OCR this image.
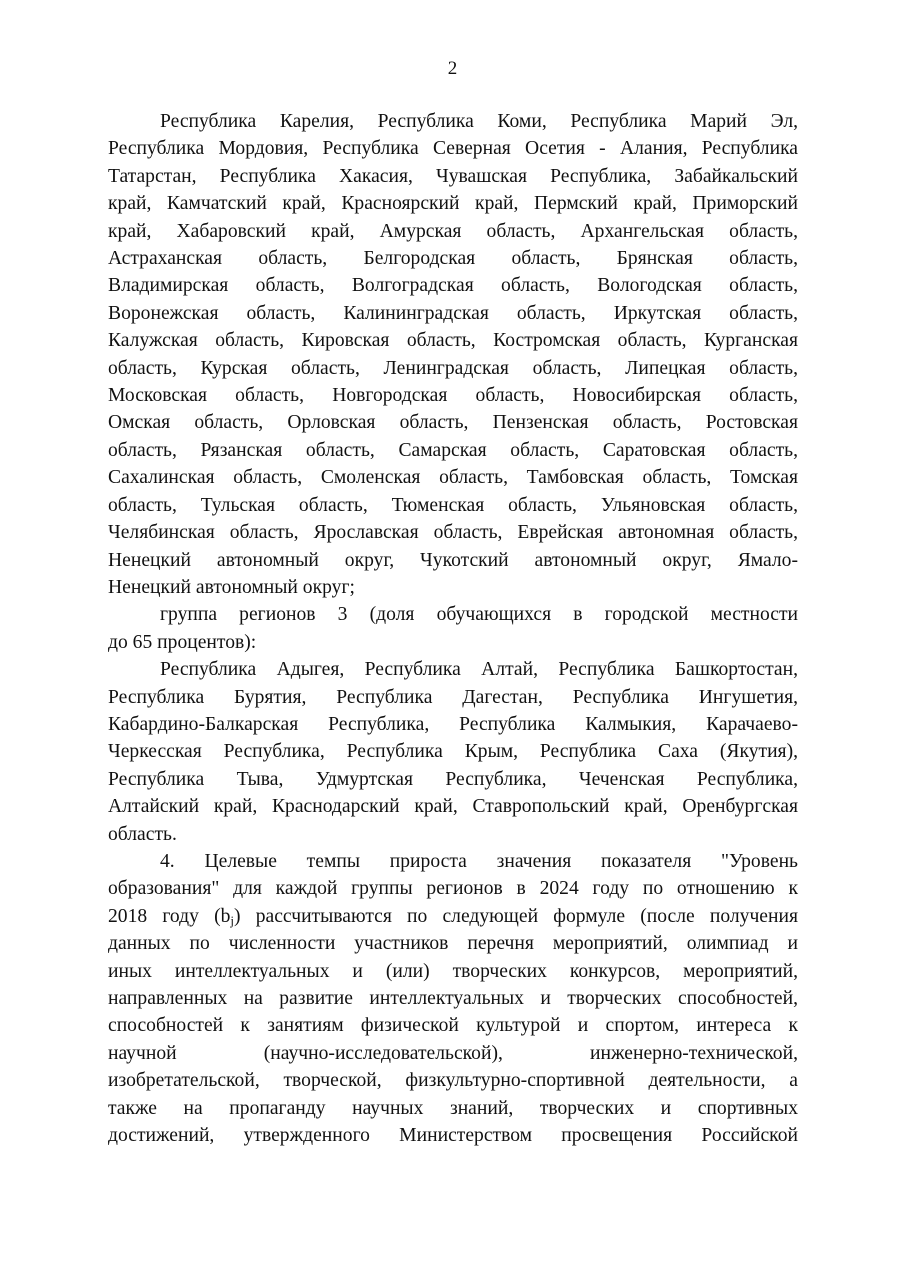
2
Республика Карелия, Республика Коми, Республика Марий Эл,
Республика Мордовия, Республика Северная Осетия - Алания, Республика
Татарстан, Республика Хакасия, Чувашская Республика, Забайкальский
край, Камчатский край, Красноярский край, Пермский край, Приморский
край, Хабаровский край, Амурская область, Архангельская область,
Астраханская область, Белгородская область, Брянская область,
Владимирская область, Волгоградская область, Вологодская область,
Воронежская область, Калининградская область, Иркутская область,
Калужская область, Кировская область, Костромская область, Курганская
область, Курская область, Ленинградская область, Липецкая область,
Московская область, Новгородская область, Новосибирская область,
Омская область, Орловская область, Пензенская область, Ростовская
область, Рязанская область, Самарская область, Саратовская область,
Сахалинская область, Смоленская область, Тамбовская область, Томская
область, Тульская область, Тюменская область, Ульяновская область,
Челябинская область, Ярославская область, Еврейская автономная область,
Ненецкий автономный округ, Чукотский автономный округ, Ямало-
Ненецкий автономный округ;
группа регионов 3 (доля обучающихся в городской местности
до 65 процентов):
Республика Адыгея, Республика Алтай, Республика Башкортостан,
Республика Бурятия, Республика Дагестан, Республика Ингушетия,
Кабардино-Балкарская Республика, Республика Калмыкия, Карачаево-
Черкесская Республика, Республика Крым, Республика Саха (Якутия),
Республика Тыва, Удмуртская Республика, Чеченская Республика,
Алтайский край, Краснодарский край, Ставропольский край, Оренбургская
область.
4. Целевые темпы прироста значения показателя "Уровень
образования" для каждой группы регионов в 2024 году по отношению к
2018 году $(b_j)$ рассчитываются по следующей формуле (после получения
данных по численности участников перечня мероприятий, олимпиад и
иных интеллектуальных и (или) творческих конкурсов, мероприятий,
направленных на развитие интеллектуальных и творческих способностей,
способностей к занятиям физической культурой и спортом, интереса к
научной (научно-исследовательской), инженерно-технической,
изобретательской, творческой, физкультурно-спортивной деятельности, а
также на пропаганду научных знаний, творческих и спортивных
достижений, утвержденного Министерством просвещения Российской
